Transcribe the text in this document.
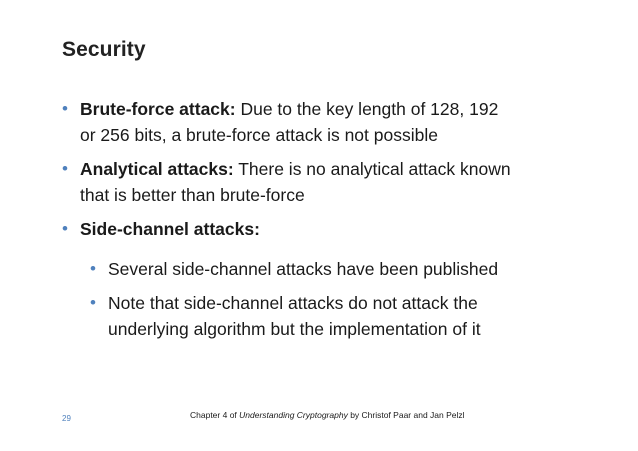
Security
• Brute-force attack: Due to the key length of 128, 192
or 256 bits, a brute-force attack is not possible
• Analytical attacks: There is no analytical attack known
that is better than brute-force
• Side-channel attacks:
• Several side-channel attacks have been published
• Note that side-channel attacks do not attack the
underlying algorithm but the implementation of it
29	Chapter 4 of Understanding Cryptography by Christof Paar and Jan Pelzl
